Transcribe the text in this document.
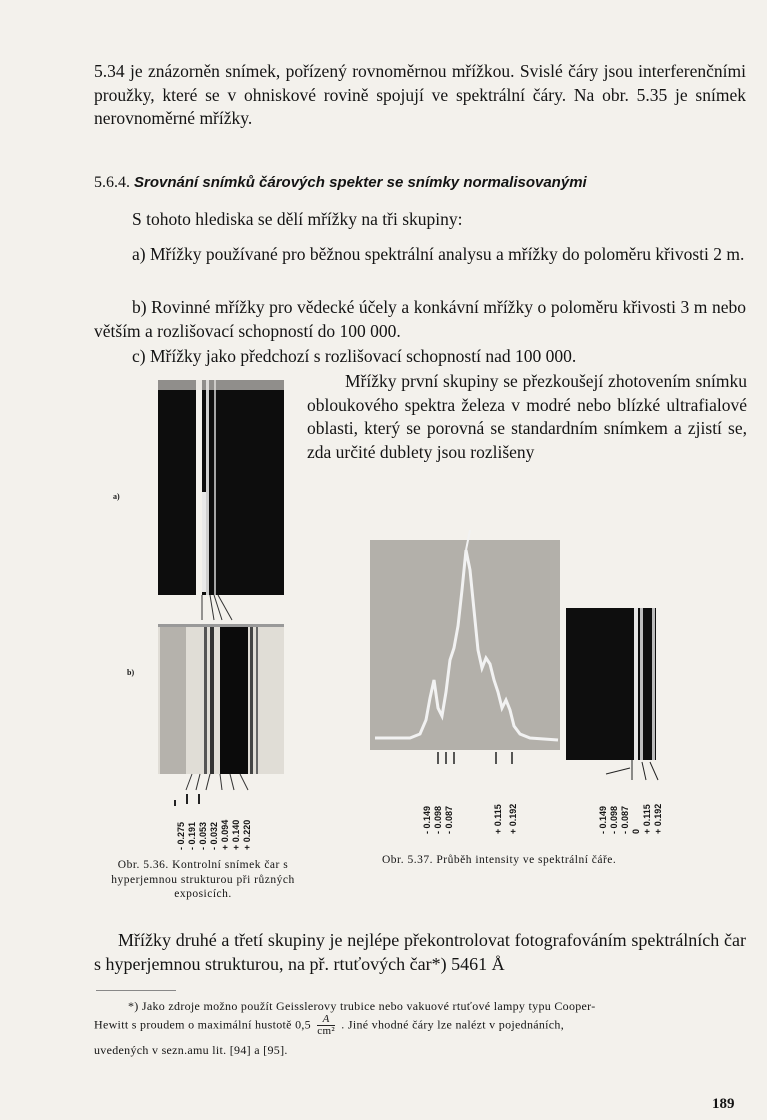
5.34 je znázorněn snímek, pořízený rovnoměrnou mřížkou. Svislé čáry jsou interferenčními proužky, které se v ohniskové rovině spojují ve spektrální čáry. Na obr. 5.35 je snímek nerovnoměrné mřížky.

5.6.4. Srovnání snímků čárových spekter se snímky normalisovanými

S tohoto hlediska se dělí mřížky na tři skupiny:

a) Mřížky používané pro běžnou spektrální analysu a mřížky do poloměru křivosti 2 m.

b) Rovinné mřížky pro vědecké účely a konkávní mřížky o poloměru křivosti 3 m nebo větším a rozlišovací schopností do 100 000.

c) Mřížky jako předchozí s rozlišovací schopností nad 100 000.

Mřížky první skupiny se přezkoušejí zhotovením snímku obloukového spektra železa v modré nebo blízké ultrafialové oblasti, který se porovná se standardním snímkem a zjistí se, zda určité dublety jsou rozlišeny

a)
b)
- 0.275 - 0.191 - 0.053 - 0.032 + 0.094 + 0.140 + 0.220
Obr. 5.36. Kontrolní snímek čar s hyperjemnou strukturou při různých exposicích.
- 0.149 - 0.098 - 0.087	+ 0.115 + 0.192	- 0.149 - 0.098 - 0.087 0 + 0.115 + 0.192
Obr. 5.37. Průběh intensity ve spektrální čáře.

Mřížky druhé a třetí skupiny je nejlépe překontrolovat fotografováním spektrálních čar s hyperjemnou strukturou, na př. rtuťových čar*) 5461 Å

*) Jako zdroje možno použít Geisslerovy trubice nebo vakuové rtuťové lampy typu Cooper-
Hewitt s proudem o maximální hustotě $0,5 \frac{A}{\text{cm²}}$ . Jiné vhodné čáry lze nalézt v pojednáních,
uvedených v sezn.amu lit. [94] a [95].
189
